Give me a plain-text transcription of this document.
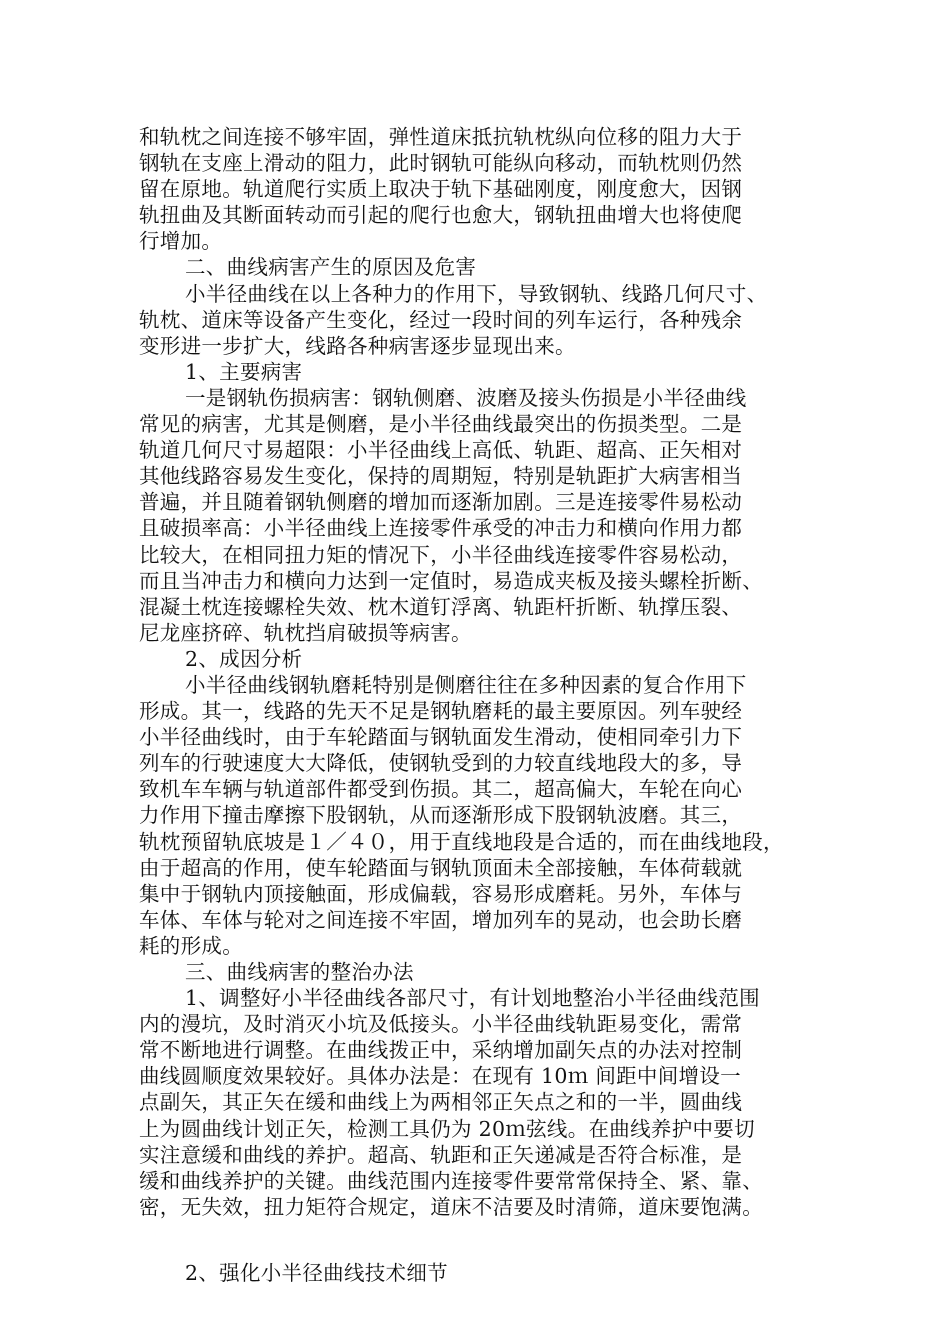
和轨枕之间连接不够牢固，弹性道床抵抗轨枕纵向位移的阻力大于
钢轨在支座上滑动的阻力，此时钢轨可能纵向移动，而轨枕则仍然
留在原地。轨道爬行实质上取决于轨下基础刚度，刚度愈大，因钢
轨扭曲及其断面转动而引起的爬行也愈大，钢轨扭曲增大也将使爬
行增加。
二、曲线病害产生的原因及危害
小半径曲线在以上各种力的作用下，导致钢轨、线路几何尺寸、
轨枕、道床等设备产生变化，经过一段时间的列车运行，各种残余
变形进一步扩大，线路各种病害逐步显现出来。
1、主要病害
一是钢轨伤损病害：钢轨侧磨、波磨及接头伤损是小半径曲线
常见的病害，尤其是侧磨，是小半径曲线最突出的伤损类型。二是
轨道几何尺寸易超限：小半径曲线上高低、轨距、超高、正矢相对
其他线路容易发生变化，保持的周期短，特别是轨距扩大病害相当
普遍，并且随着钢轨侧磨的增加而逐渐加剧。三是连接零件易松动
且破损率高：小半径曲线上连接零件承受的冲击力和横向作用力都
比较大，在相同扭力矩的情况下，小半径曲线连接零件容易松动，
而且当冲击力和横向力达到一定值时，易造成夹板及接头螺栓折断、
混凝土枕连接螺栓失效、枕木道钉浮离、轨距杆折断、轨撑压裂、
尼龙座挤碎、轨枕挡肩破损等病害。
2、成因分析
小半径曲线钢轨磨耗特别是侧磨往往在多种因素的复合作用下
形成。其一，线路的先天不足是钢轨磨耗的最主要原因。列车驶经
小半径曲线时，由于车轮踏面与钢轨面发生滑动，使相同牵引力下
列车的行驶速度大大降低，使钢轨受到的力较直线地段大的多，导
致机车车辆与轨道部件都受到伤损。其二，超高偏大，车轮在向心
力作用下撞击摩擦下股钢轨，从而逐渐形成下股钢轨波磨。其三，
轨枕预留轨底坡是１／４０，用于直线地段是合适的，而在曲线地段，
由于超高的作用，使车轮踏面与钢轨顶面未全部接触，车体荷载就
集中于钢轨内顶接触面，形成偏载，容易形成磨耗。另外，车体与
车体、车体与轮对之间连接不牢固，增加列车的晃动，也会助长磨
耗的形成。
三、曲线病害的整治办法
1、调整好小半径曲线各部尺寸，有计划地整治小半径曲线范围
内的漫坑，及时消灭小坑及低接头。小半径曲线轨距易变化，需常
常不断地进行调整。在曲线拨正中，采纳增加副矢点的办法对控制
曲线圆顺度效果较好。具体办法是：在现有 10ｍ 间距中间增设一
点副矢，其正矢在缓和曲线上为两相邻正矢点之和的一半，圆曲线
上为圆曲线计划正矢，检测工具仍为 20ｍ弦线。在曲线养护中要切
实注意缓和曲线的养护。超高、轨距和正矢递减是否符合标准，是
缓和曲线养护的关键。曲线范围内连接零件要常常保持全、紧、靠、
密，无失效，扭力矩符合规定，道床不洁要及时清筛，道床要饱满。
2、强化小半径曲线技术细节
